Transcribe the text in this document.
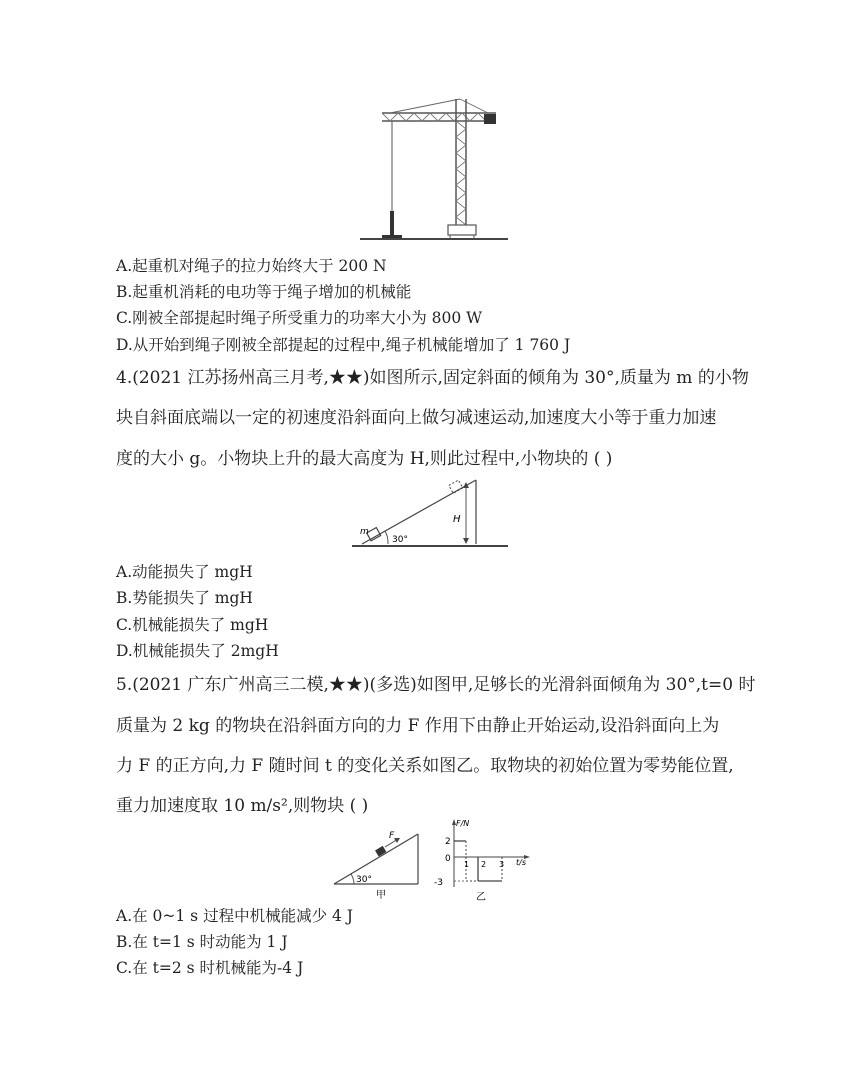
A.起重机对绳子的拉力始终大于 200 N
B.起重机消耗的电功等于绳子增加的机械能
C.刚被全部提起时绳子所受重力的功率大小为 800 W
D.从开始到绳子刚被全部提起的过程中,绳子机械能增加了 1 760 J
4.(2021 江苏扬州高三月考,★★)如图所示,固定斜面的倾角为 30°,质量为 m 的小物
块自斜面底端以一定的初速度沿斜面向上做匀减速运动,加速度大小等于重力加速
度的大小 g。小物块上升的最大高度为 H,则此过程中,小物块的 ( )
m
30°
H
A.动能损失了 mgH
B.势能损失了 mgH
C.机械能损失了 mgH
D.机械能损失了 2mgH
5.(2021 广东广州高三二模,★★)(多选)如图甲,足够长的光滑斜面倾角为 30°,t=0 时
质量为 2 kg 的物块在沿斜面方向的力 F 作用下由静止开始运动,设沿斜面向上为
力 F 的正方向,力 F 随时间 t 的变化关系如图乙。取物块的初始位置为零势能位置,
重力加速度取 10 m/s²,则物块 ( )
F
30°
甲
F/N
t/s
2
0
-3
1 2 3
乙
A.在 0~1 s 过程中机械能减少 4 J
B.在 t=1 s 时动能为 1 J
C.在 t=2 s 时机械能为-4 J
